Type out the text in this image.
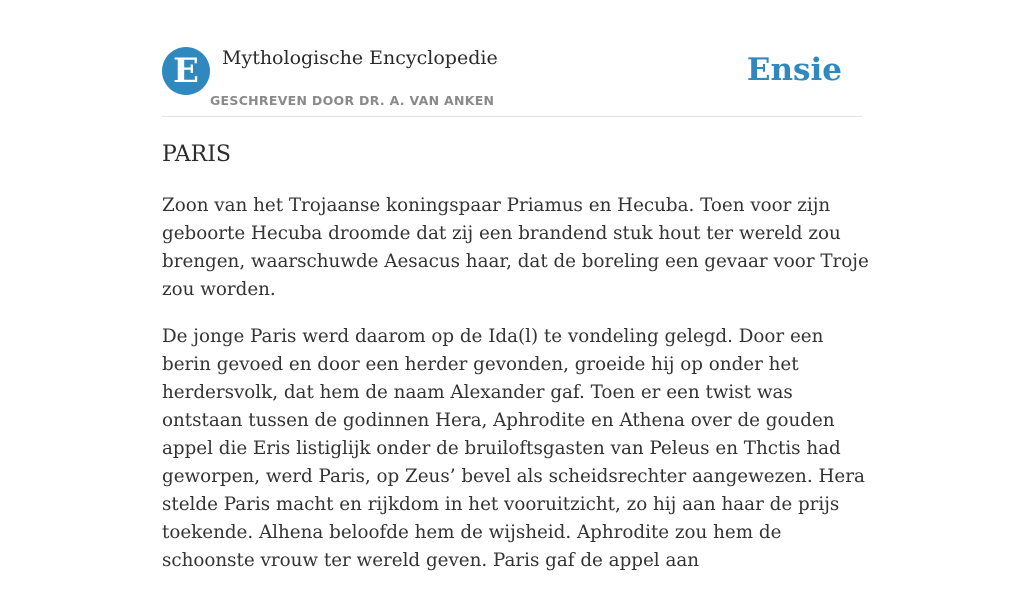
E	Mythologische Encyclopedie
GESCHREVEN DOOR DR. A. VAN ANKEN
Ensie
PARIS

Zoon van het Trojaanse koningspaar Priamus en Hecuba. Toen voor zijn geboorte Hecuba droomde dat zij een brandend stuk hout ter wereld zou brengen, waarschuwde Aesacus haar, dat de boreling een gevaar voor Troje zou worden.

De jonge Paris werd daarom op de Ida(l) te vondeling gelegd. Door een berin gevoed en door een herder gevonden, groeide hij op onder het herdersvolk, dat hem de naam Alexander gaf. Toen er een twist was ontstaan tussen de godinnen Hera, Aphrodite en Athena over de gouden appel die Eris listiglijk onder de bruiloftsgasten van Peleus en Thctis had geworpen, werd Paris, op Zeus’ bevel als scheidsrechter aangewezen. Hera stelde Paris macht en rijkdom in het vooruitzicht, zo hij aan haar de prijs toekende. Alhena beloofde hem de wijsheid. Aphrodite zou hem de schoonste vrouw ter wereld geven. Paris gaf de appel aan
